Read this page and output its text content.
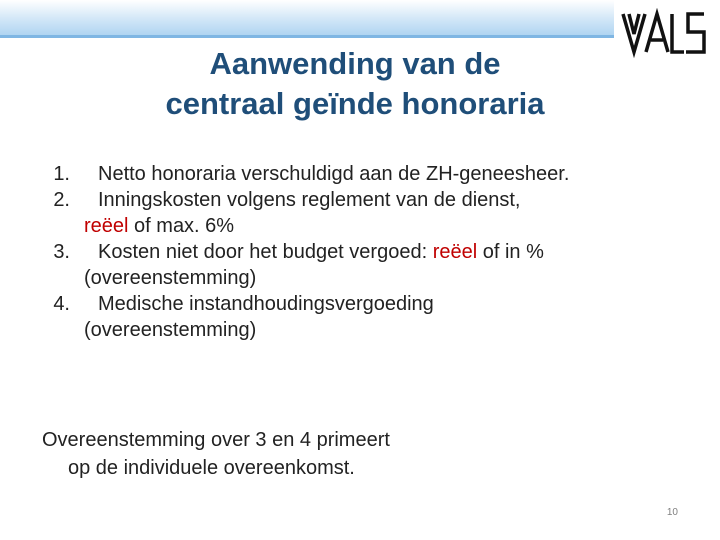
Aanwending van de
centraal geïnde honoraria
1.	Netto honoraria verschuldigd aan de ZH-geneesheer.
2.	Inningskosten volgens reglement van de dienst,
reëel of max. 6%
3.	Kosten niet door het budget vergoed: reëel of in %
(overeenstemming)
4.	Medische instandhoudingsvergoeding
(overeenstemming)
Overeenstemming over 3 en 4 primeert
op de individuele overeenkomst.
10
